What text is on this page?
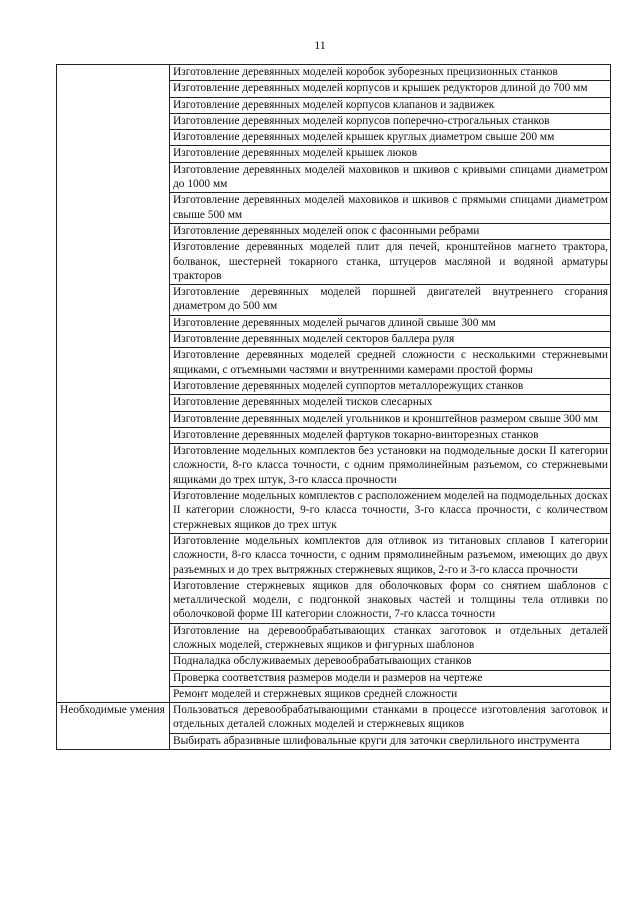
11
	Изготовление деревянных моделей коробок зуборезных прецизионных станков
	Изготовление деревянных моделей корпусов и крышек редукторов длиной до 700 мм
	Изготовление деревянных моделей корпусов клапанов и задвижек
	Изготовление деревянных моделей корпусов поперечно-строгальных станков
	Изготовление деревянных моделей крышек круглых диаметром свыше 200 мм
	Изготовление деревянных моделей крышек люков
	Изготовление деревянных моделей маховиков и шкивов с кривыми спицами диаметром до 1000 мм
	Изготовление деревянных моделей маховиков и шкивов с прямыми спицами диаметром свыше 500 мм
	Изготовление деревянных моделей опок с фасонными ребрами
	Изготовление деревянных моделей плит для печей, кронштейнов магнето трактора, болванок, шестерней токарного станка, штуцеров масляной и водяной арматуры тракторов
	Изготовление деревянных моделей поршней двигателей внутреннего сгорания диаметром до 500 мм
	Изготовление деревянных моделей рычагов длиной свыше 300 мм
	Изготовление деревянных моделей секторов баллера руля
	Изготовление деревянных моделей средней сложности с несколькими стержневыми ящиками, с отъемными частями и внутренними камерами простой формы
	Изготовление деревянных моделей суппортов металлорежущих станков
	Изготовление деревянных моделей тисков слесарных
	Изготовление деревянных моделей угольников и кронштейнов размером свыше 300 мм
	Изготовление деревянных моделей фартуков токарно-винторезных станков
	Изготовление модельных комплектов без установки на подмодельные доски II категории сложности, 8-го класса точности, с одним прямолинейным разъемом, со стержневыми ящиками до трех штук, 3-го класса прочности
	Изготовление модельных комплектов с расположением моделей на подмодельных досках II категории сложности, 9-го класса точности, 3-го класса прочности, с количеством стержневых ящиков до трех штук
	Изготовление модельных комплектов для отливок из титановых сплавов I категории сложности, 8-го класса точности, с одним прямолинейным разъемом, имеющих до двух разъемных и до трех вытряжных стержневых ящиков, 2-го и 3-го класса прочности
	Изготовление стержневых ящиков для оболочковых форм со снятием шаблонов с металлической модели, с подгонкой знаковых частей и толщины тела отливки по оболочковой форме III категории сложности, 7-го класса точности
	Изготовление на деревообрабатывающих станках заготовок и отдельных деталей сложных моделей, стержневых ящиков и фигурных шаблонов
	Подналадка обслуживаемых деревообрабатывающих станков
	Проверка соответствия размеров модели и размеров на чертеже
	Ремонт моделей и стержневых ящиков средней сложности
Необходимые умения	Пользоваться деревообрабатывающими станками в процессе изготовления заготовок и отдельных деталей сложных моделей и стержневых ящиков
	Выбирать абразивные шлифовальные круги для заточки сверлильного инструмента
